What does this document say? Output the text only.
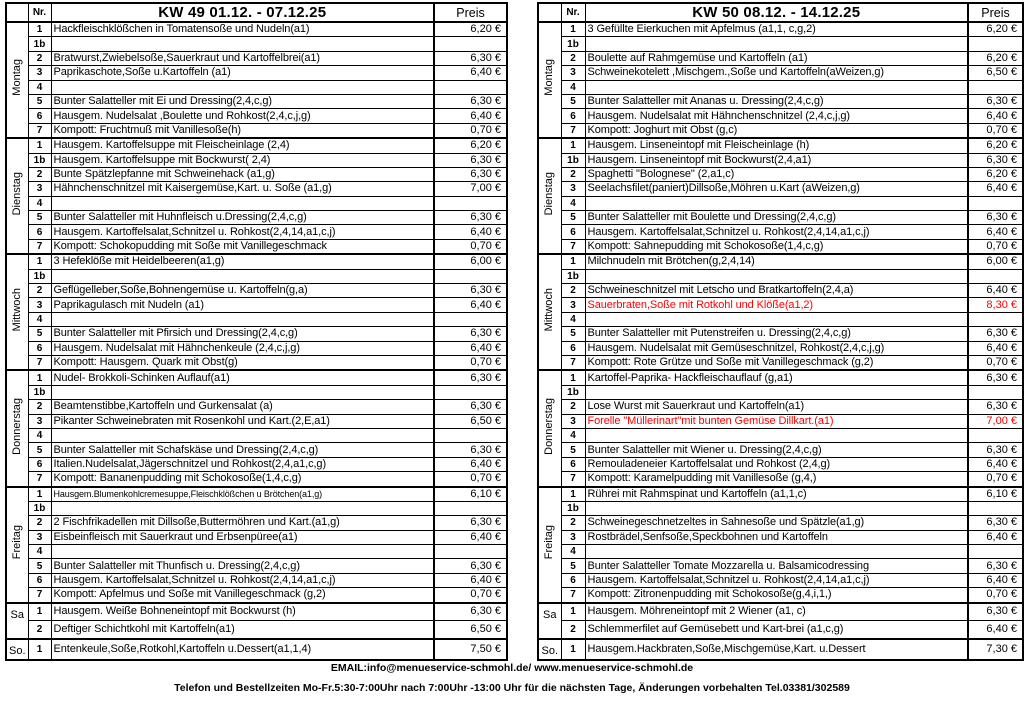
	Nr.	KW 49 01.12. - 07.12.25	Preis
Montag	1	Hackfleischklößchen in Tomatensoße und Nudeln(a1)	6,20 €
	1b		
	2	Bratwurst,Zwiebelsoße,Sauerkraut und Kartoffelbrei(a1)	6,30 €
	3	Paprikaschote,Soße u.Kartoffeln (a1)	6,40 €
	4		
	5	Bunter Salatteller mit Ei und Dressing(2,4,c,g)	6,30 €
	6	Hausgem. Nudelsalat ,Boulette und Rohkost(2,4,c,j,g)	6,40 €
	7	Kompott: Fruchtmuß mit Vanillesoße(h)	0,70 €
Dienstag	1	Hausgem. Kartoffelsuppe mit Fleischeinlage (2,4)	6,20 €
	1b	Hausgem. Kartoffelsuppe mit Bockwurst( 2,4)	6,30 €
	2	Bunte Spätzlepfanne mit Schweinehack (a1,g)	6,30 €
	3	Hähnchenschnitzel mit Kaisergemüse,Kart. u. Soße (a1,g)	7,00 €
	4		
	5	Bunter Salatteller mit Huhnfleisch u.Dressing(2,4,c,g)	6,30 €
	6	Hausgem. Kartoffelsalat,Schnitzel u. Rohkost(2,4,14,a1,c,j)	6,40 €
	7	Kompott: Schokopudding mit Soße mit Vanillegeschmack	0,70 €
Mittwoch	1	3 Hefeklöße mit Heidelbeeren(a1,g)	6,00 €
	1b		
	2	Geflügelleber,Soße,Bohnengemüse u. Kartoffeln(g,a)	6,30 €
	3	Paprikagulasch mit Nudeln (a1)	6,40 €
	4		
	5	Bunter Salatteller mit Pfirsich und Dressing(2,4,c,g)	6,30 €
	6	Hausgem. Nudelsalat mit Hähnchenkeule (2,4,c,j,g)	6,40 €
	7	Kompott: Hausgem. Quark mit Obst(g)	0,70 €
Donnerstag	1	Nudel- Brokkoli-Schinken Auflauf(a1)	6,30 €
	1b		
	2	Beamtenstibbe,Kartoffeln und Gurkensalat (a)	6,30 €
	3	Pikanter Schweinebraten mit Rosenkohl und Kart.(2,E,a1)	6,50 €
	4		
	5	Bunter Salatteller mit Schafskäse und Dressing(2,4,c,g)	6,30 €
	6	Italien.Nudelsalat,Jägerschnitzel und Rohkost(2,4,a1,c,g)	6,40 €
	7	Kompott: Bananenpudding mit Schokosoße(1,4,c,g)	0,70 €
Freitag	1	Hausgem.Blumenkohlcremesuppe,Fleischklößchen u Brötchen(a1,g)	6,10 €
	1b		
	2	2 Fischfrikadellen mit Dillsoße,Buttermöhren und Kart.(a1,g)	6,30 €
	3	Eisbeinfleisch mit Sauerkraut und Erbsenpüree(a1)	6,40 €
	4		
	5	Bunter Salatteller mit Thunfisch u. Dressing(2,4,c,g)	6,30 €
	6	Hausgem. Kartoffelsalat,Schnitzel u. Rohkost(2,4,14,a1,c,j)	6,40 €
	7	Kompott: Apfelmus und Soße mit Vanillegeschmack (g,2)	0,70 €
Sa	1	Hausgem. Weiße Bohneneintopf mit Bockwurst (h)	6,30 €
	2	Deftiger Schichtkohl mit Kartoffeln(a1)	6,50 €
So.	1	Entenkeule,Soße,Rotkohl,Kartoffeln u.Dessert(a1,1,4)	7,50 €
	Nr.	KW 50 08.12. - 14.12.25	Preis
Montag	1	3 Gefüllte Eierkuchen mit Apfelmus (a1,1, c,g,2)	6,20 €
	1b		
	2	Boulette auf Rahmgemüse und Kartoffeln (a1)	6,20 €
	3	Schweinekotelett ,Mischgem.,Soße und Kartoffeln(aWeizen,g)	6,50 €
	4		
	5	Bunter Salatteller mit Ananas u. Dressing(2,4,c,g)	6,30 €
	6	Hausgem. Nudelsalat mit Hähnchenschnitzel (2,4,c,j,g)	6,40 €
	7	Kompott: Joghurt mit Obst (g,c)	0,70 €
Dienstag	1	Hausgem. Linseneintopf mit Fleischeinlage (h)	6,20 €
	1b	Hausgem. Linseneintopf mit Bockwurst(2,4,a1)	6,30 €
	2	Spaghetti "Bolognese" (2,a1,c)	6,20 €
	3	Seelachsfilet(paniert)Dillsoße,Möhren u.Kart (aWeizen,g)	6,40 €
	4		
	5	Bunter Salatteller mit Boulette und Dressing(2,4,c,g)	6,30 €
	6	Hausgem. Kartoffelsalat,Schnitzel u. Rohkost(2,4,14,a1,c,j)	6,40 €
	7	Kompott: Sahnepudding mit Schokosoße(1,4,c,g)	0,70 €
Mittwoch	1	Milchnudeln mit Brötchen(g,2,4,14)	6,00 €
	1b		
	2	Schweineschnitzel mit Letscho und Bratkartoffeln(2,4,a)	6,40 €
	3	Sauerbraten,Soße mit Rotkohl und Klöße(a1,2)	8,30 €
	4		
	5	Bunter Salatteller mit Putenstreifen u. Dressing(2,4,c,g)	6,30 €
	6	Hausgem. Nudelsalat mit Gemüseschnitzel, Rohkost(2,4,c,j,g)	6,40 €
	7	Kompott: Rote Grütze und Soße mit Vanillegeschmack (g,2)	0,70 €
Donnerstag	1	Kartoffel-Paprika- Hackfleischauflauf (g,a1)	6,30 €
	1b		
	2	Lose Wurst mit Sauerkraut und Kartoffeln(a1)	6,30 €
	3	Forelle "Müllerinart"mit bunten Gemüse Dillkart.(a1)	7,00 €
	4		
	5	Bunter Salatteller mit Wiener u. Dressing(2,4,c,g)	6,30 €
	6	Remouladeneier Kartoffelsalat und Rohkost (2,4,g)	6,40 €
	7	Kompott: Karamelpudding mit Vanillesoße (g,4,)	0,70 €
Freitag	1	Rührei mit Rahmspinat und Kartoffeln (a1,1,c)	6,10 €
	1b		
	2	Schweinegeschnetzeltes in Sahnesoße und Spätzle(a1,g)	6,30 €
	3	Rostbrädel,Senfsoße,Speckbohnen und Kartoffeln	6,40 €
	4		
	5	Bunter Salatteller Tomate Mozzarella u. Balsamicodressing	6,30 €
	6	Hausgem. Kartoffelsalat,Schnitzel u. Rohkost(2,4,14,a1,c,j)	6,40 €
	7	Kompott: Zitronenpudding mit Schokosoße(g,4,i,1,)	0,70 €
Sa	1	Hausgem. Möhreneintopf mit 2 Wiener (a1, c)	6,30 €
	2	Schlemmerfilet auf Gemüsebett und Kart-brei (a1,c,g)	6,40 €
So.	1	Hausgem.Hackbraten,Soße,Mischgemüse,Kart. u.Dessert	7,30 €
EMAIL:info@menueservice-schmohl.de/ www.menueservice-schmohl.de
Telefon und Bestellzeiten Mo-Fr.5:30-7:00Uhr nach 7:00Uhr -13:00 Uhr für die nächsten Tage, Änderungen vorbehalten Tel.03381/302589
